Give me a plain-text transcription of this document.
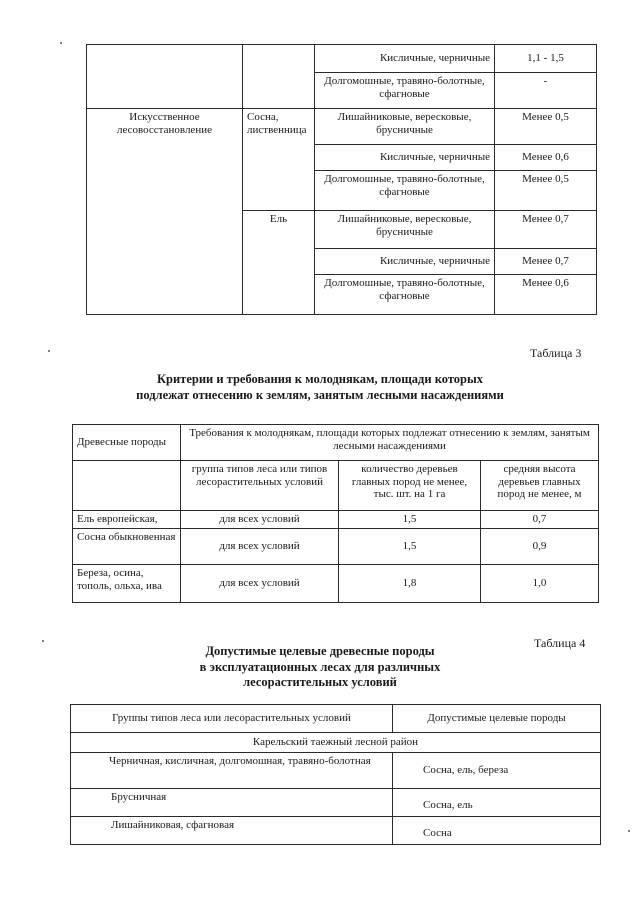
		Кисличные, черничные	1,1 - 1,5
		Долгомошные, травяно-болотные, сфагновые	-
Искусственное лесовосстановление	Сосна, лиственница	Лишайниковые, вересковые, брусничные	Менее 0,5
		Кисличные, черничные	Менее 0,6
		Долгомошные, травяно-болотные, сфагновые	Менее 0,5
	Ель	Лишайниковые, вересковые, брусничные	Менее 0,7
		Кисличные, черничные	Менее 0,7
		Долгомошные, травяно-болотные, сфагновые	Менее 0,6
Таблица 3
Критерии и требования к молоднякам, площади которых
подлежат отнесению к землям, занятым лесными насаждениями
Древесные породы	Требования к молоднякам, площади которых подлежат отнесению к землям, занятым лесными насаждениями		
	группа типов леса или типов лесорастительных условий	количество деревьев главных пород не менее, тыс. шт. на 1 га	средняя высота деревьев главных пород не менее, м
Ель европейская,	для всех условий	1,5	0,7
Сосна обыкновенная	для всех условий	1,5	0,9
Береза, осина, тополь, ольха, ива	для всех условий	1,8	1,0
Таблица 4
Допустимые целевые древесные породы
в эксплуатационных лесах для различных
лесорастительных условий
Группы типов леса или лесорастительных условий	Допустимые целевые породы
Карельский таежный лесной район	
Черничная, кисличная, долгомошная, травяно-болотная	Сосна, ель, береза
Брусничная	Сосна, ель
Лишайниковая, сфагновая	Сосна
